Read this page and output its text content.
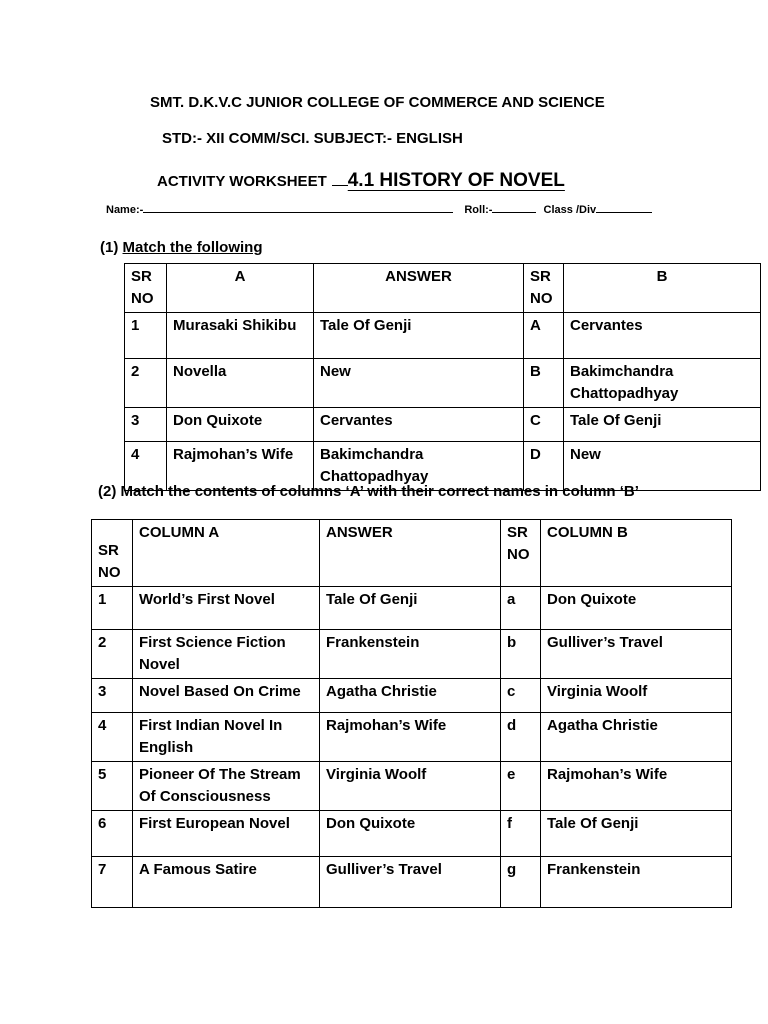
SMT. D.K.V.C JUNIOR COLLEGE OF COMMERCE AND SCIENCE
STD:- XII COMM/SCI. SUBJECT:- ENGLISH
ACTIVITY WORKSHEET 4.1 HISTORY OF NOVEL
Name:-	Roll:-	Class /Div
(1) Match the following
SR NO	A	ANSWER	SR NO	B
1	Murasaki Shikibu	Tale Of Genji	A	Cervantes
2	Novella	New	B	Bakimchandra Chattopadhyay
3	Don Quixote	Cervantes	C	Tale Of Genji
4	Rajmohan’s Wife	Bakimchandra Chattopadhyay	D	New
(2) Match the contents of columns ‘A’ with their correct names in column ‘B’
SR NO	COLUMN A	ANSWER	SR NO	COLUMN B
1	World’s First Novel	Tale Of Genji	a	Don Quixote
2	First Science Fiction Novel	Frankenstein	b	Gulliver’s Travel
3	Novel Based On Crime	Agatha Christie	c	Virginia Woolf
4	First Indian Novel In English	Rajmohan’s Wife	d	Agatha Christie
5	Pioneer Of The Stream Of Consciousness	Virginia Woolf	e	Rajmohan’s Wife
6	First European Novel	Don Quixote	f	Tale Of Genji
7	A Famous Satire	Gulliver’s Travel	g	Frankenstein
